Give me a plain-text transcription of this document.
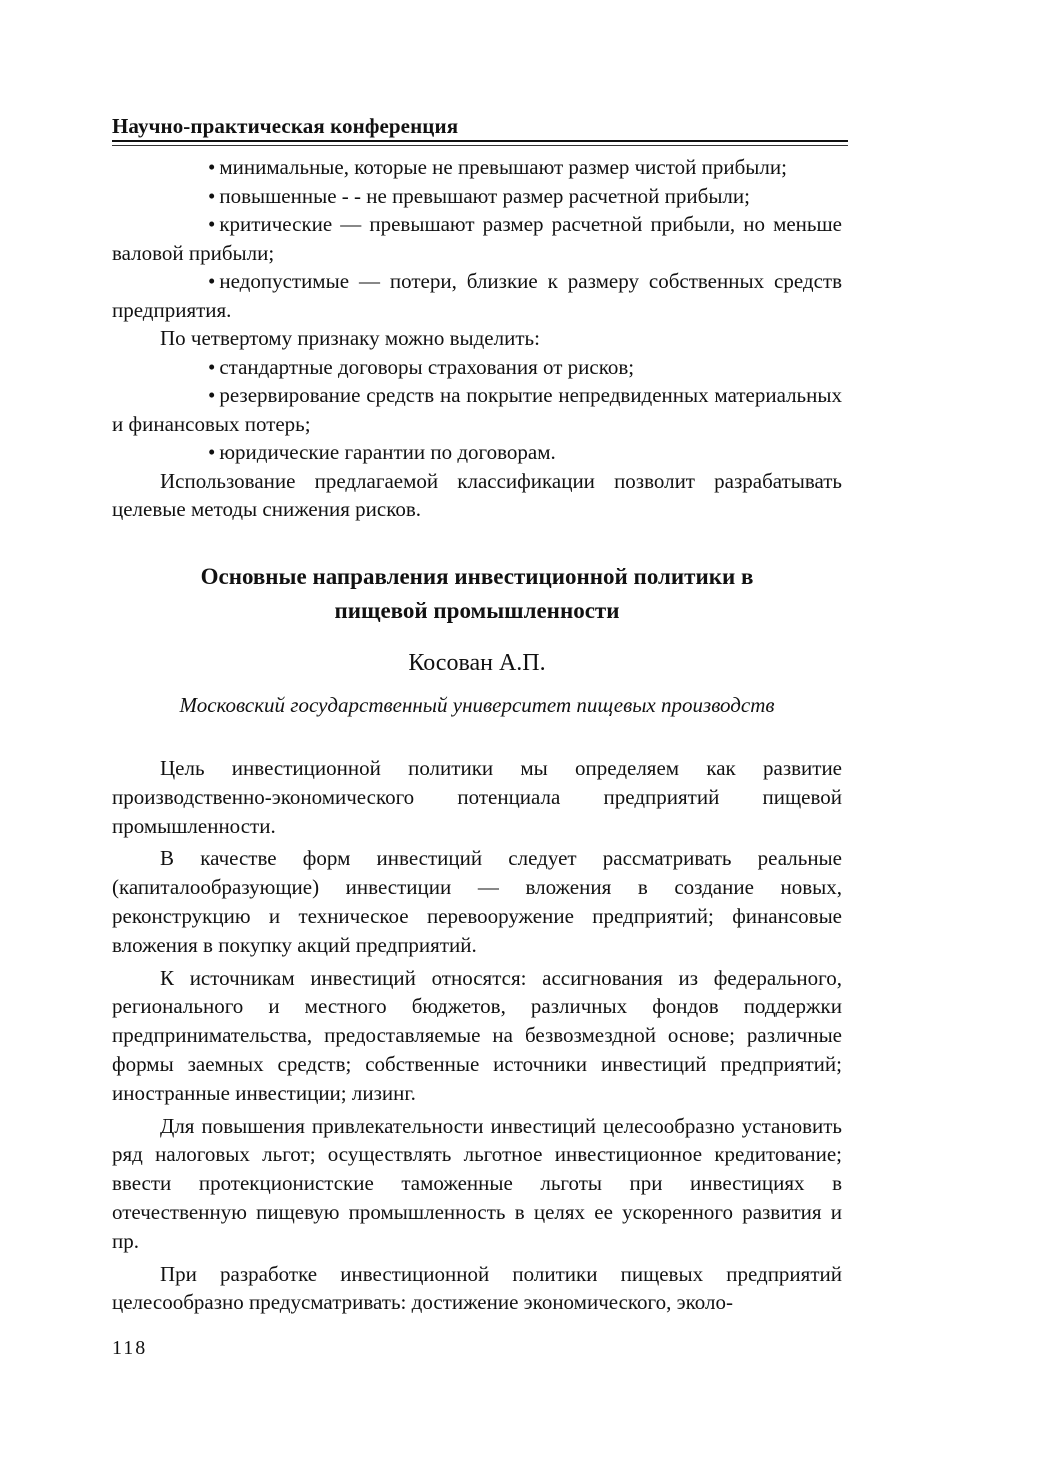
Научно-практическая конференция

• минимальные, которые не превышают размер чистой прибыли;

• повышенные - - не превышают размер расчетной прибыли;

• критические — превышают размер расчетной прибыли, но меньше валовой прибыли;

• недопустимые — потери, близкие к размеру собственных средств предприятия.

По четвертому признаку можно выделить:

• стандартные договоры страхования от рисков;

• резервирование средств на покрытие непредвиденных материальных и финансовых потерь;

• юридические гарантии по договорам.

Использование предлагаемой классификации позволит разрабатывать целевые методы снижения рисков.

Основные направления инвестиционной политики в
пищевой промышленности

Косован А.П.

Московский государственный университет пищевых производств

Цель инвестиционной политики мы определяем как развитие производственно-экономического потенциала предприятий пищевой промышленности.

В качестве форм инвестиций следует рассматривать реальные (капиталообразующие) инвестиции — вложения в создание новых, реконструкцию и техническое перевооружение предприятий; финансовые вложения в покупку акций предприятий.

К источникам инвестиций относятся: ассигнования из федерального, регионального и местного бюджетов, различных фондов поддержки предпринимательства, предоставляемые на безвозмездной основе; различные формы заемных средств; собственные источники инвестиций предприятий; иностранные инвестиции; лизинг.

Для повышения привлекательности инвестиций целесообразно установить ряд налоговых льгот; осуществлять льготное инвестиционное кредитование; ввести протекционистские таможенные льготы при инвестициях в отечественную пищевую промышленность в целях ее ускоренного развития и пр.

При разработке инвестиционной политики пищевых предприятий целесообразно предусматривать: достижение экономического, эколо-

118
